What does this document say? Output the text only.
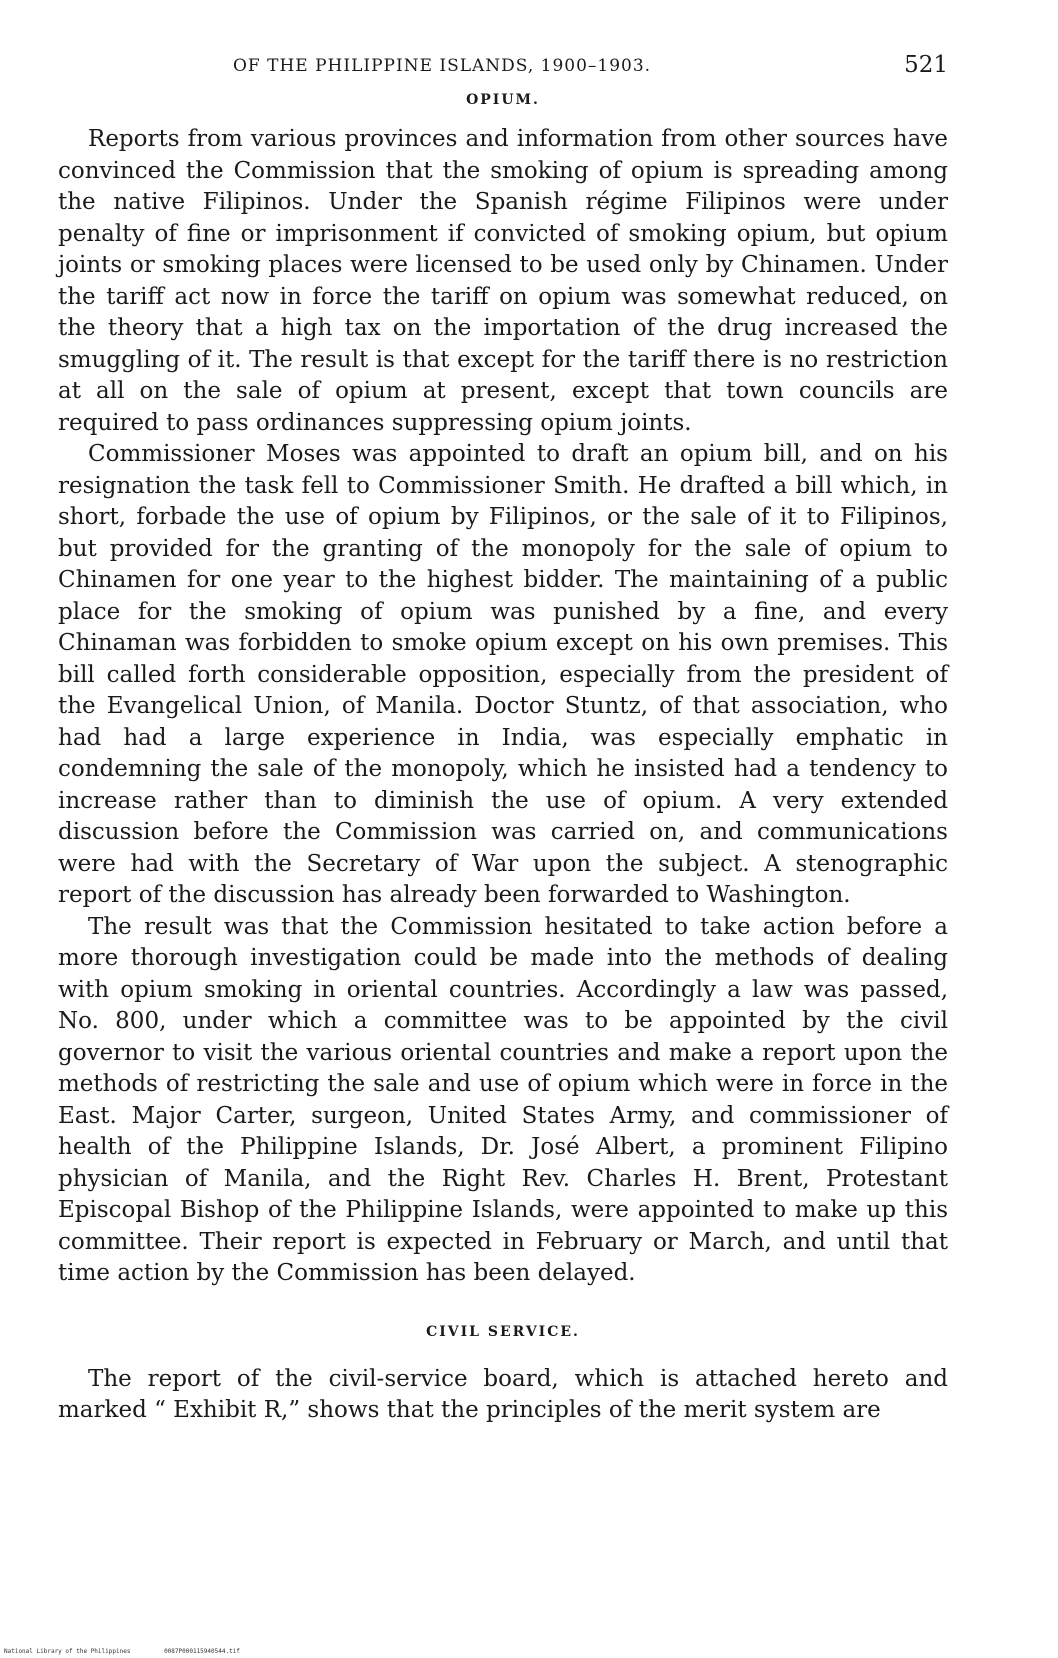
OF THE PHILIPPINE ISLANDS, 1900–1903.	521
OPIUM.

Reports from various provinces and information from other sources have convinced the Commission that the smoking of opium is spreading among the native Filipinos. Under the Spanish régime Filipinos were under penalty of fine or imprisonment if convicted of smoking opium, but opium joints or smoking places were licensed to be used only by Chinamen. Under the tariff act now in force the tariff on opium was somewhat reduced, on the theory that a high tax on the importation of the drug increased the smuggling of it. The result is that except for the tariff there is no restriction at all on the sale of opium at present, except that town councils are required to pass ordinances suppressing opium joints.

Commissioner Moses was appointed to draft an opium bill, and on his resignation the task fell to Commissioner Smith. He drafted a bill which, in short, forbade the use of opium by Filipinos, or the sale of it to Filipinos, but provided for the granting of the monopoly for the sale of opium to Chinamen for one year to the highest bidder. The maintaining of a public place for the smoking of opium was punished by a fine, and every Chinaman was forbidden to smoke opium except on his own premises. This bill called forth considerable opposition, especially from the president of the Evangelical Union, of Manila. Doctor Stuntz, of that association, who had had a large experience in India, was especially emphatic in condemning the sale of the monopoly, which he insisted had a tendency to increase rather than to diminish the use of opium. A very extended discussion before the Commission was carried on, and communications were had with the Secretary of War upon the subject. A stenographic report of the discussion has already been forwarded to Washington.

The result was that the Commission hesitated to take action before a more thorough investigation could be made into the methods of dealing with opium smoking in oriental countries. Accordingly a law was passed, No. 800, under which a committee was to be appointed by the civil governor to visit the various oriental countries and make a report upon the methods of restricting the sale and use of opium which were in force in the East. Major Carter, surgeon, United States Army, and commissioner of health of the Philippine Islands, Dr. José Albert, a prominent Filipino physician of Manila, and the Right Rev. Charles H. Brent, Protestant Episcopal Bishop of the Philippine Islands, were appointed to make up this committee. Their report is expected in February or March, and until that time action by the Commission has been delayed.

CIVIL SERVICE.

The report of the civil-service board, which is attached hereto and marked “ Exhibit R,” shows that the principles of the merit system are

National Library of the Philippines	0087P000115940544.tif
